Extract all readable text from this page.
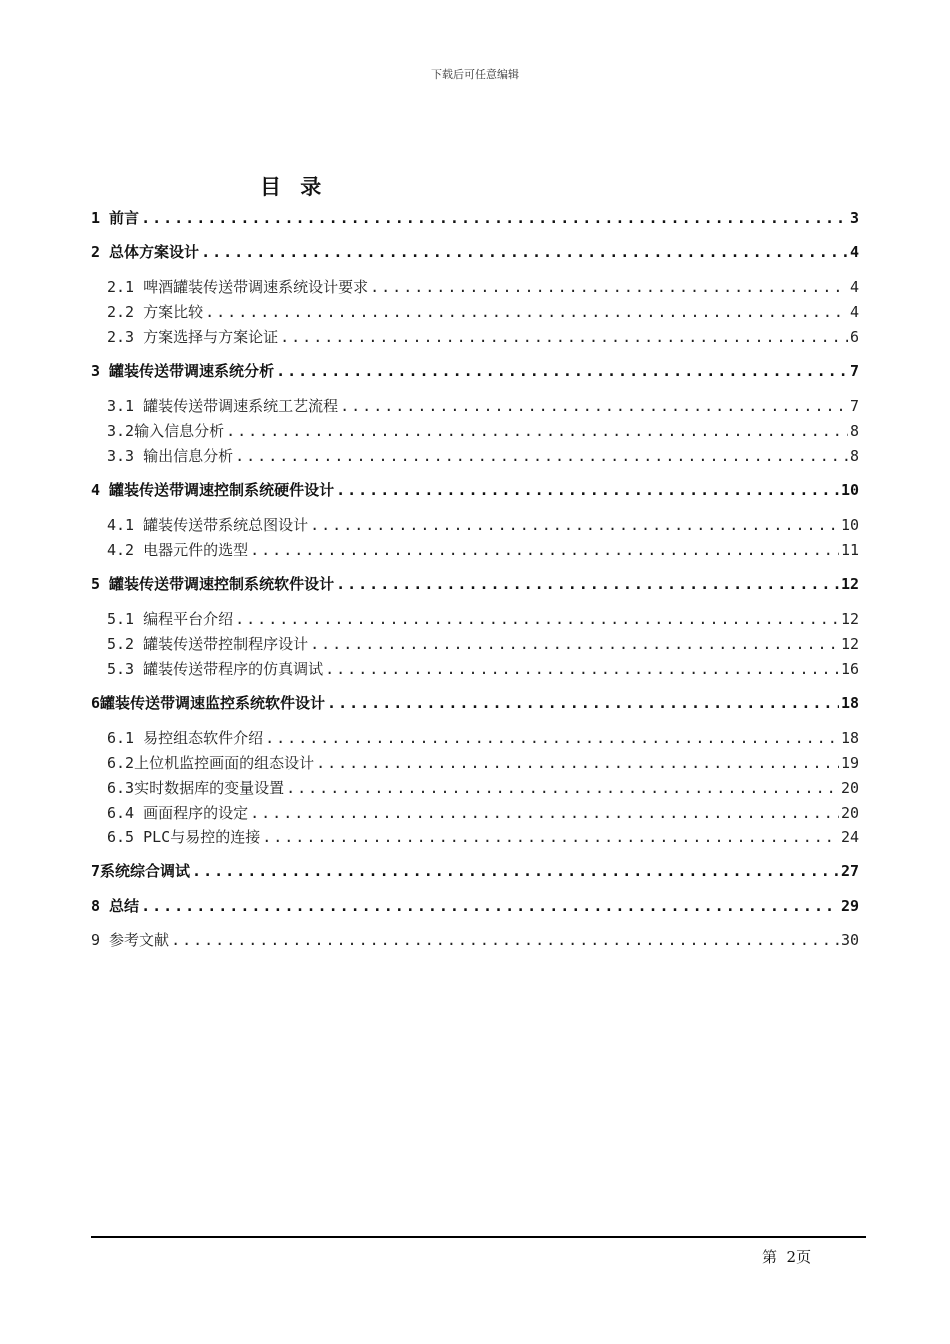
下载后可任意编辑
目 录
1 前言 .....	3
2 总体方案设计 .....	4
2.1 啤酒罐装传送带调速系统设计要求 .....	4
2.2 方案比较 .....	4
2.3 方案选择与方案论证 .....	6
3 罐装传送带调速系统分析 .....	7
3.1 罐装传送带调速系统工艺流程 .....	7
3.2输入信息分析 .....	8
3.3 输出信息分析 .....	8
4 罐装传送带调速控制系统硬件设计 .....	10
4.1 罐装传送带系统总图设计 .....	10
4.2 电器元件的选型 .....	11
5 罐装传送带调速控制系统软件设计 .....	12
5.1 编程平台介绍 .....	12
5.2 罐装传送带控制程序设计 .....	12
5.3 罐装传送带程序的仿真调试 .....	16
6罐装传送带调速监控系统软件设计 .....	18
6.1 易控组态软件介绍 .....	18
6.2上位机监控画面的组态设计 .....	19
6.3实时数据库的变量设置 .....	20
6.4 画面程序的设定 .....	20
6.5 PLC与易控的连接 .....	24
7系统综合调试 .....	27
8 总结 .....	29
9 参考文献 .....	30
第  2页
